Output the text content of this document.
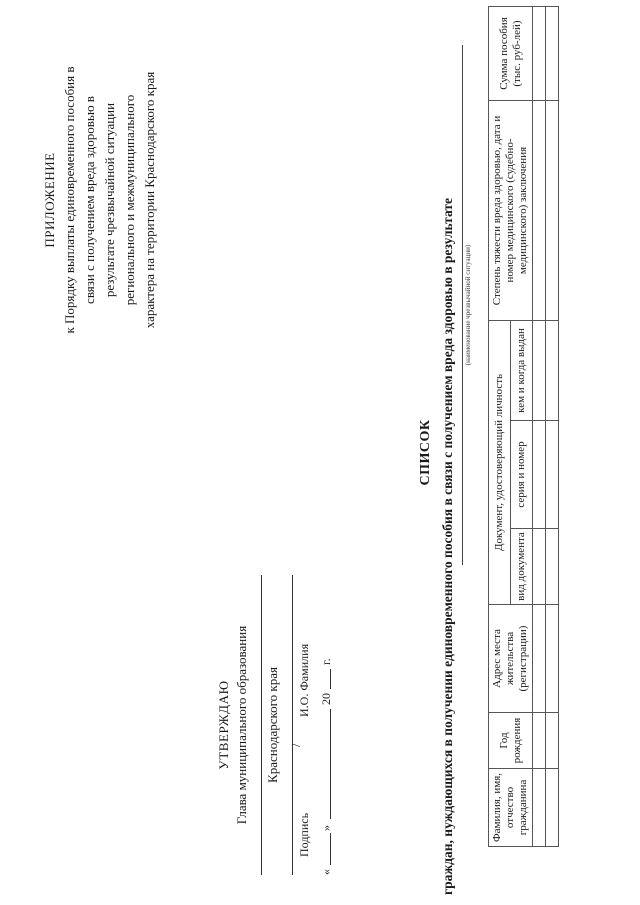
ПРИЛОЖЕНИЕ к Порядку выплаты единовременного пособия в связи с получением вреда здоровью в результате чрезвычайной ситуации регионального и межмуниципального характера на территории Краснодарского края
УТВЕРЖДАЮ Глава муниципального образования Краснодарского края /
Подпись
И.О. Фамилия
«
»
20
г.
СПИСОК граждан, нуждающихся в получении единовременного пособия в связи с получением вреда здоровью в результате (наименование чрезвычайной ситуации)
Фамилия, имя, отчество гражданина	Год рождения	Адрес места жительства (регистрации)	Документ, удостоверяющий личность			Степень тяжести вреда здоровью, дата и номер медицинского (судебно-медицинского) заключения	Сумма пособия (тыс. руб-лей)
			вид документа	серия и номер	кем и когда выдан		
